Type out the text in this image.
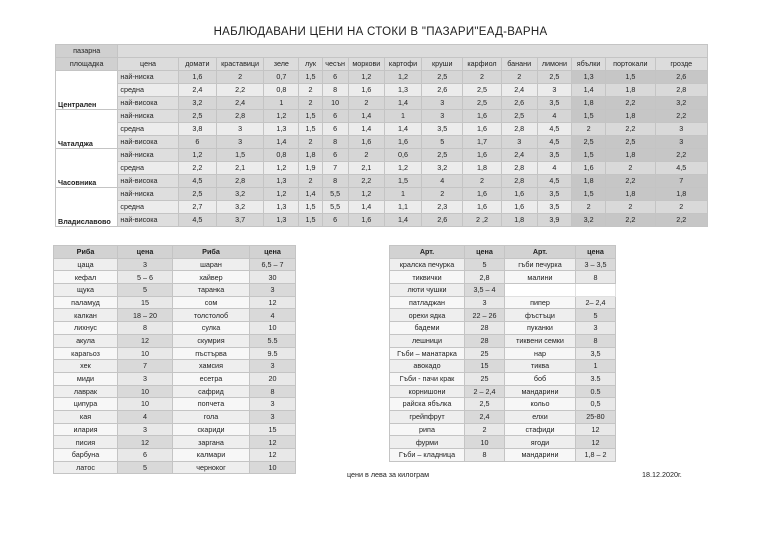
НАБЛЮДАВАНИ ЦЕНИ НА СТОКИ В "ПАЗАРИ"ЕАД-ВАРНА
пазарна															
площадка	цена	домати	краставици	зеле	лук	чесън	моркови	картофи	круши	карфиол	банани	лимони	ябълки	портокали	грозде
Централен	най-ниска	1,6	2	0,7	1,5	6	1,2	1,2	2,5	2	2	2,5	1,3	1,5	2,6
	средна	2,4	2,2	0,8	2	8	1,6	1,3	2,6	2,5	2,4	3	1,4	1,8	2,8
	най-висока	3,2	2,4	1	2	10	2	1,4	3	2,5	2,6	3,5	1,8	2,2	3,2
Чаталджа	най-ниска	2,5	2,8	1,2	1,5	6	1,4	1	3	1,6	2,5	4	1,5	1,8	2,2
	средна	3,8	3	1,3	1,5	6	1,4	1,4	3,5	1,6	2,8	4,5	2	2,2	3
	най-висока	6	3	1,4	2	8	1,6	1,6	5	1,7	3	4,5	2,5	2,5	3
Часовника	най-ниска	1,2	1,5	0,8	1,8	6	2	0,6	2,5	1,6	2,4	3,5	1,5	1,8	2,2
	средна	2,2	2,1	1,2	1,9	7	2,1	1,2	3,2	1,8	2,8	4	1,6	2	4,5
	най-висока	4,5	2,8	1,3	2	8	2,2	1,5	4	2	2,8	4,5	1,8	2,2	7
Владиславово	най-ниска	2,5	3,2	1,2	1,4	5,5	1,2	1	2	1,6	1,6	3,5	1,5	1,8	1,8
	средна	2,7	3,2	1,3	1,5	5,5	1,4	1,1	2,3	1,6	1,6	3,5	2	2	2
	най-висока	4,5	3,7	1,3	1,5	6	1,6	1,4	2,6	2 ,2	1,8	3,9	3,2	2,2	2,2
Риба	цена	Риба	цена
цаца	3	шаран	6,5 – 7
кефал	5 – 6	хайвер	30
щука	5	таранка	3
паламуд	15	сом	12
калкан	18 – 20	толстолоб	4
лихнус	8	сулка	10
акула	12	скумрия	5.5
карагьоз	10	пъстърва	9.5
хек	7	хамсия	3
миди	3	есетра	20
лаврак	10	сафрид	8
ципура	10	попчета	3
кая	4	гола	3
илария	3	скариди	15
писия	12	заргана	12
барбуна	6	калмари	12
латос	5	черноког	10
Арт.	цена	Арт.	цена
кралска печурка	5	гъби печурка	3 – 3,5
тиквички	2,8	малини	8
люти чушки	3,5 – 4		
патладжан	3	пипер	2– 2,4
орехи ядка	22 – 26	фъстъци	5
бадеми	28	пуканки	3
лешници	28	тиквени семки	8
Гъби – манатарка	25	нар	3,5
авокадо	15	тиква	1
Гъби - пачи крак	25	боб	3.5
корнишони	2 – 2,4	мандарини	0.5
райска ябълка	2,5	кольо	0,5
грейпфрут	2,4	елхи	25-80
рипа	2	стафиди	12
фурми	10	ягоди	12
Гъби – кладница	8	мандарини	1,8 – 2
цени в лева за килограм	18.12.2020г.
